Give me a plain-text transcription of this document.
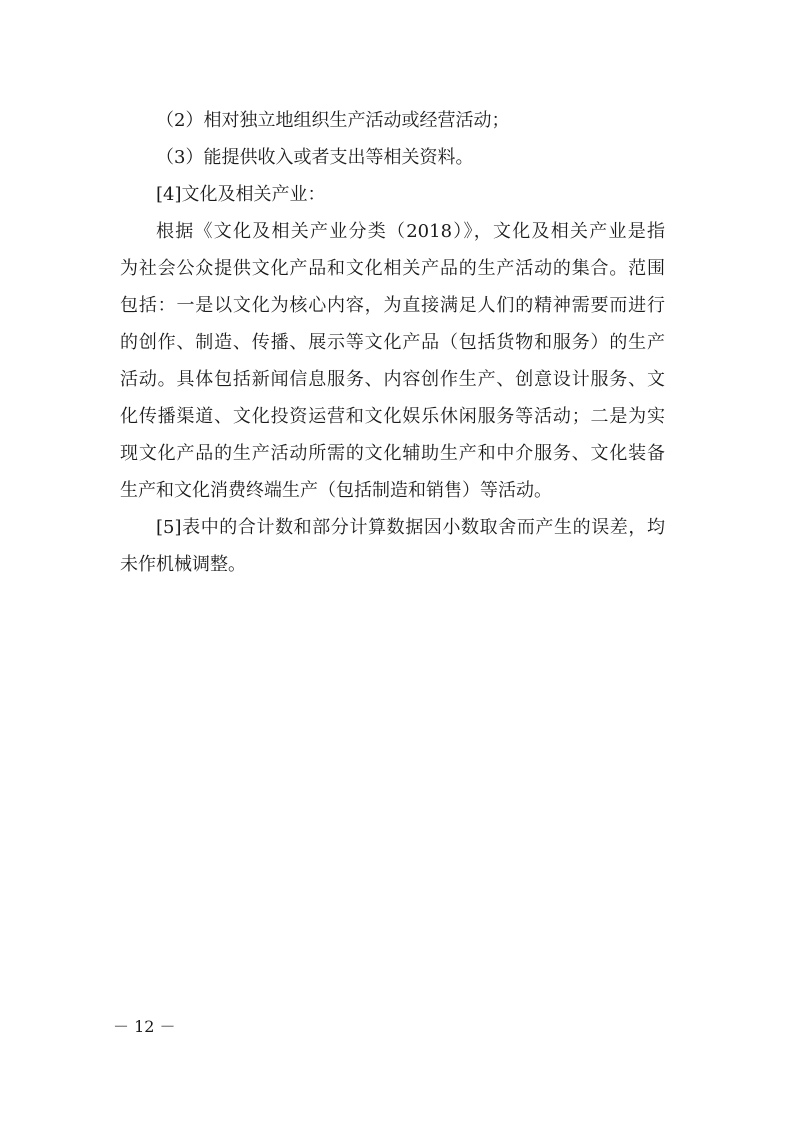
（2）相对独立地组织生产活动或经营活动；
（3）能提供收入或者支出等相关资料。
[4]文化及相关产业：
根据《文化及相关产业分类（2018）》，文化及相关产业是指
为社会公众提供文化产品和文化相关产品的生产活动的集合。范围
包括：一是以文化为核心内容，为直接满足人们的精神需要而进行
的创作、制造、传播、展示等文化产品（包括货物和服务）的生产
活动。具体包括新闻信息服务、内容创作生产、创意设计服务、文
化传播渠道、文化投资运营和文化娱乐休闲服务等活动；二是为实
现文化产品的生产活动所需的文化辅助生产和中介服务、文化装备
生产和文化消费终端生产（包括制造和销售）等活动。
[5]表中的合计数和部分计算数据因小数取舍而产生的误差，均
未作机械调整。
－ 12 －
